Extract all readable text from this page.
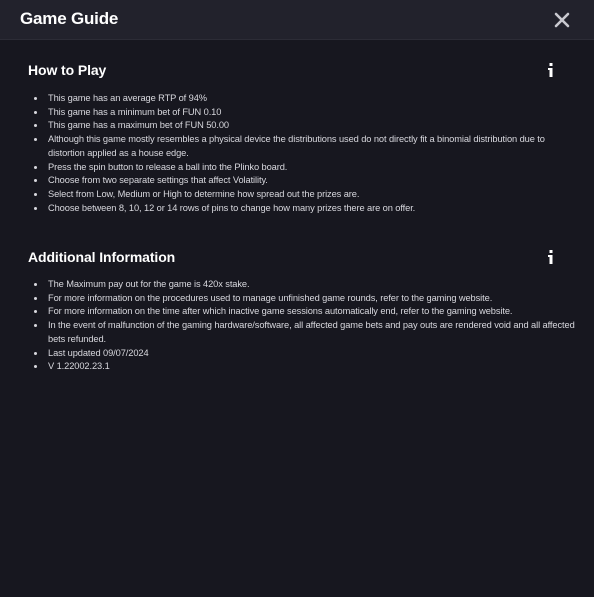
Game Guide
How to Play
This game has an average RTP of 94%
This game has a minimum bet of FUN 0.10
This game has a maximum bet of FUN 50.00
Although this game mostly resembles a physical device the distributions used do not directly fit a binomial distribution due to distortion applied as a house edge.
Press the spin button to release a ball into the Plinko board.
Choose from two separate settings that affect Volatility.
Select from Low, Medium or High to determine how spread out the prizes are.
Choose between 8, 10, 12 or 14 rows of pins to change how many prizes there are on offer.
Additional Information
The Maximum pay out for the game is 420x stake.
For more information on the procedures used to manage unfinished game rounds, refer to the gaming website.
For more information on the time after which inactive game sessions automatically end, refer to the gaming website.
In the event of malfunction of the gaming hardware/software, all affected game bets and pay outs are rendered void and all affected bets refunded.
Last updated 09/07/2024
V 1.22002.23.1
